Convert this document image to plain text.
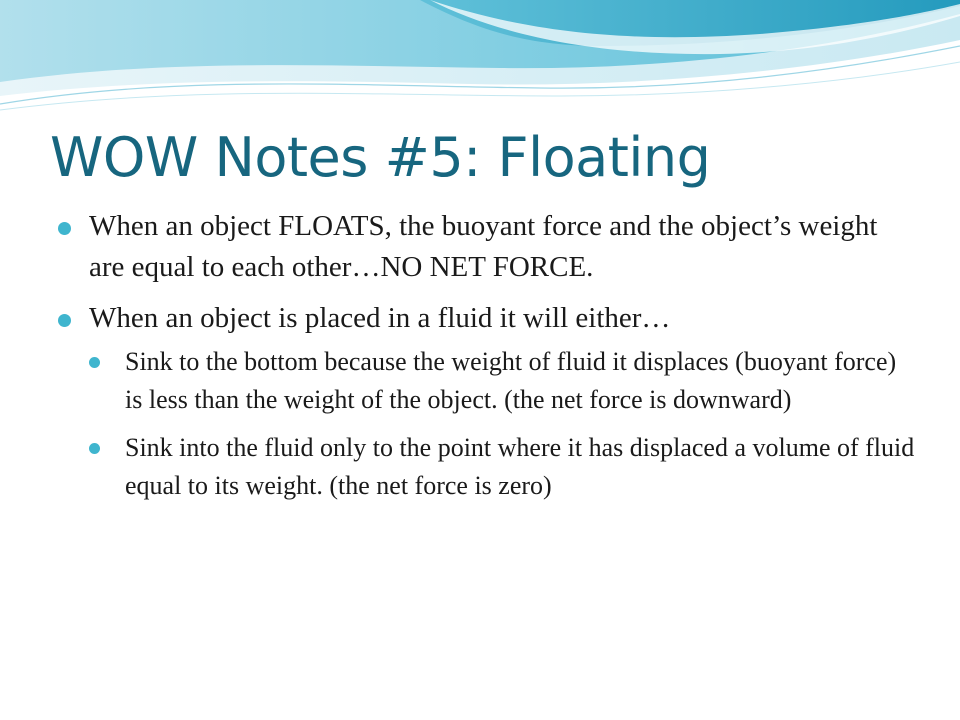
WOW Notes #5: Floating
When an object FLOATS, the buoyant force and the object’s weight are equal to each other…NO NET FORCE.
When an object is placed in a fluid it will either…
Sink to the bottom because the weight of fluid it displaces (buoyant force) is less than the weight of the object. (the net force is downward)
Sink into the fluid only to the point where it has displaced a volume of fluid equal to its weight. (the net force is zero)
